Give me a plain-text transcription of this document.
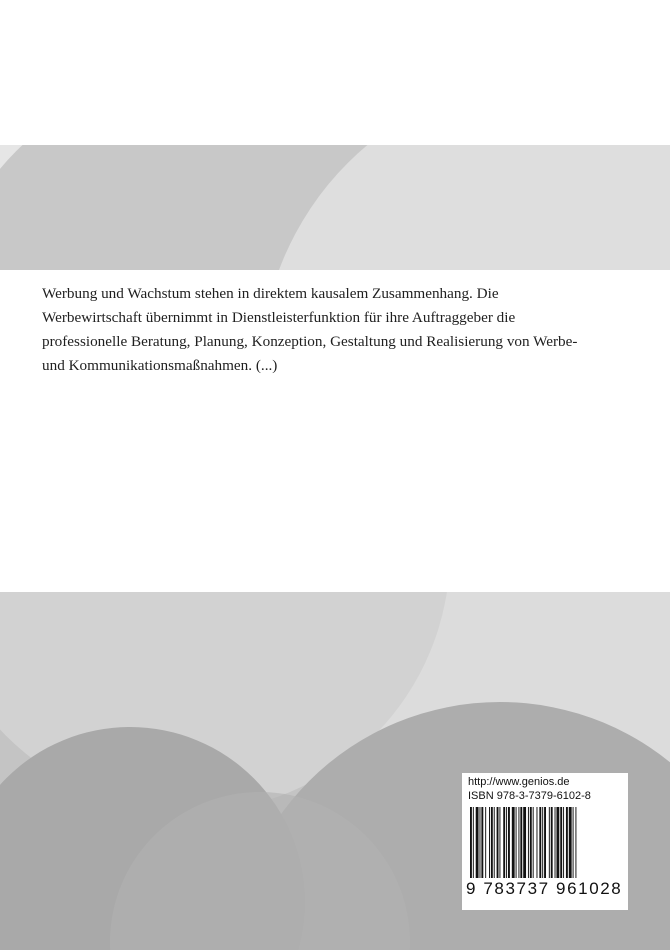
Werbung und Wachstum stehen in direktem kausalem Zusammenhang. Die Werbewirtschaft übernimmt in Dienstleisterfunktion für ihre Auftraggeber die professionelle Beratung, Planung, Konzeption, Gestaltung und Realisierung von Werbe- und Kommunikationsmaßnahmen. (...)

http://www.genios.de
ISBN 978-3-7379-6102-8
9 783737 961028
